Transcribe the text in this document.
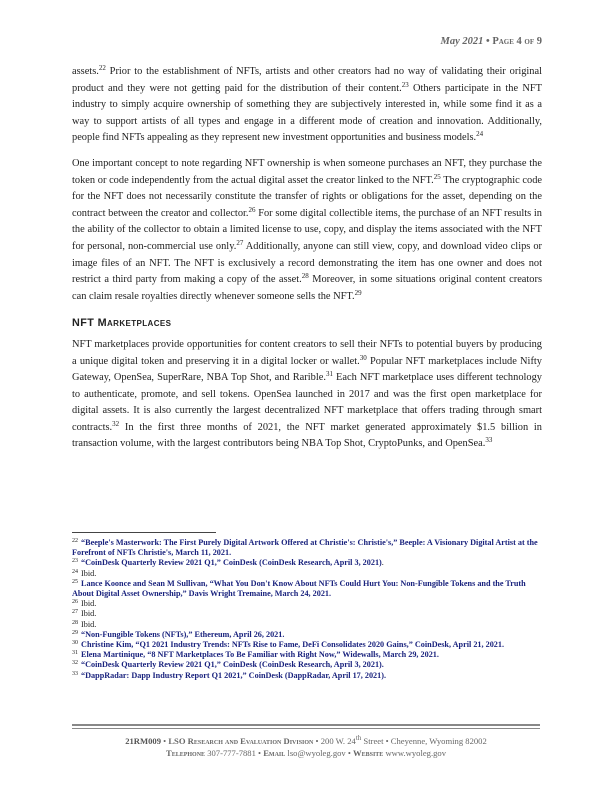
May 2021 • Page 4 of 9

assets.$^{22}$ Prior to the establishment of NFTs, artists and other creators had no way of validating their original product and they were not getting paid for the distribution of their content.$^{23}$ Others participate in the NFT industry to simply acquire ownership of something they are subjectively interested in, while some find it as a way to support artists of all types and engage in a different mode of creation and innovation. Additionally, people find NFTs appealing as they represent new investment opportunities and business models.$^{24}$

One important concept to note regarding NFT ownership is when someone purchases an NFT, they purchase the token or code independently from the actual digital asset the creator linked to the NFT.$^{25}$ The cryptographic code for the NFT does not necessarily constitute the transfer of rights or obligations for the asset, depending on the contract between the creator and collector.$^{26}$ For some digital collectible items, the purchase of an NFT results in the ability of the collector to obtain a limited license to use, copy, and display the items associated with the NFT for personal, non-commercial use only.$^{27}$ Additionally, anyone can still view, copy, and download video clips or image files of an NFT. The NFT is exclusively a record demonstrating the item has one owner and does not restrict a third party from making a copy of the asset.$^{28}$ Moreover, in some situations original content creators can claim resale royalties directly whenever someone sells the NFT.$^{29}$

NFT Marketplaces

NFT marketplaces provide opportunities for content creators to sell their NFTs to potential buyers by producing a unique digital token and preserving it in a digital locker or wallet.$^{30}$ Popular NFT marketplaces include Nifty Gateway, OpenSea, SuperRare, NBA Top Shot, and Rarible.$^{31}$ Each NFT marketplace uses different technology to authenticate, promote, and sell tokens. OpenSea launched in 2017 and was the first open marketplace for digital assets. It is also currently the largest decentralized NFT marketplace that offers trading through smart contracts.$^{32}$ In the first three months of 2021, the NFT market generated approximately $1.5 billion in transaction volume, with the largest contributors being NBA Top Shot, CryptoPunks, and OpenSea.$^{33}$

$^{22}$ “Beeple's Masterwork: The First Purely Digital Artwork Offered at Christie's: Christie's,” Beeple: A Visionary Digital Artist at the Forefront of NFTs Christie's, March 11, 2021.
$^{23}$ “CoinDesk Quarterly Review 2021 Q1,” CoinDesk (CoinDesk Research, April 3, 2021).
$^{24}$ Ibid.
$^{25}$ Lance Koonce and Sean M Sullivan, “What You Don't Know About NFTs Could Hurt You: Non-Fungible Tokens and the Truth About Digital Asset Ownership,” Davis Wright Tremaine, March 24, 2021.
$^{26}$ Ibid.
$^{27}$ Ibid.
$^{28}$ Ibid.
$^{29}$ “Non-Fungible Tokens (NFTs),” Ethereum, April 26, 2021.
$^{30}$ Christine Kim, “Q1 2021 Industry Trends: NFTs Rise to Fame, DeFi Consolidates 2020 Gains,” CoinDesk, April 21, 2021.
$^{31}$ Elena Martinique, “8 NFT Marketplaces To Be Familiar with Right Now,” Widewalls, March 29, 2021.
$^{32}$ “CoinDesk Quarterly Review 2021 Q1,” CoinDesk (CoinDesk Research, April 3, 2021).
$^{33}$ “DappRadar: Dapp Industry Report Q1 2021,” CoinDesk (DappRadar, April 17, 2021).
21RM009 • LSO Research and Evaluation Division • 200 W. 24th Street • Cheyenne, Wyoming 82002
Telephone 307-777-7881 • Email lso@wyoleg.gov • Website www.wyoleg.gov
